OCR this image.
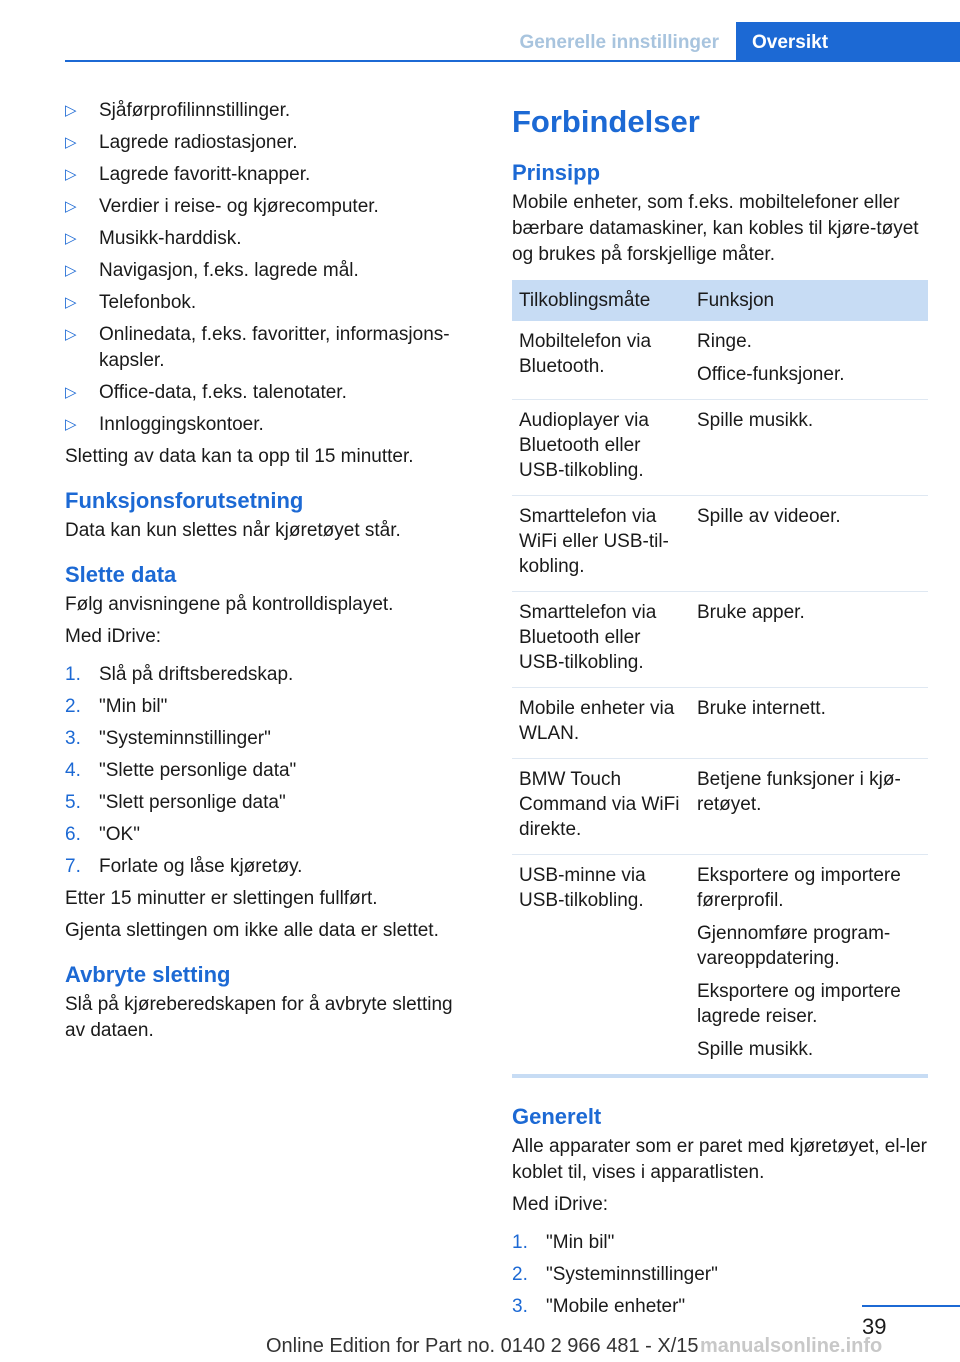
Generelle innstillinger	Oversikt
▷ Sjåførprofilinnstillinger.
▷ Lagrede radiostasjoner.
▷ Lagrede favoritt-knapper.
▷ Verdier i reise- og kjørecomputer.
▷ Musikk-harddisk.
▷ Navigasjon, f.eks. lagrede mål.
▷ Telefonbok.
▷ Onlinedata, f.eks. favoritter, informasjons-kapsler.
▷ Office-data, f.eks. talenotater.
▷ Innloggingskontoer.

Sletting av data kan ta opp til 15 minutter.

Funksjonsforutsetning

Data kan kun slettes når kjøretøyet står.

Slette data

Følg anvisningene på kontrolldisplayet.

Med iDrive:

1. Slå på driftsberedskap.
2. "Min bil"
3. "Systeminnstillinger"
4. "Slette personlige data"
5. "Slett personlige data"
6. "OK"
7. Forlate og låse kjøretøy.

Etter 15 minutter er slettingen fullført.

Gjenta slettingen om ikke alle data er slettet.

Avbryte sletting

Slå på kjøreberedskapen for å avbryte sletting av dataen.

Forbindelser
Prinsipp

Mobile enheter, som f.eks. mobiltelefoner eller bærbare datamaskiner, kan kobles til kjøre-tøyet og brukes på forskjellige måter.

Tilkoblingsmåte	Funksjon
Mobiltelefon via Bluetooth.	Ringe.
Office-funksjoner.

Audioplayer via Bluetooth eller USB-tilkobling.	Spille musikk.

Smarttelefon via WiFi eller USB-til-kobling.	Spille av videoer.

Smarttelefon via Bluetooth eller USB-tilkobling.	Bruke apper.

Mobile enheter via WLAN.	Bruke internett.

BMW Touch Command via WiFi direkte.	Betjene funksjoner i kjø-retøyet.

USB-minne via USB-tilkobling.	Eksportere og importere førerprofil.
Gjennomføre program-vareoppdatering.
Eksportere og importere lagrede reiser.
Spille musikk.
Generelt

Alle apparater som er paret med kjøretøyet, el-ler koblet til, vises i apparatlisten.

Med iDrive:

1. "Min bil"
2. "Systeminnstillinger"
3. "Mobile enheter"
39
Online Edition for Part no. 0140 2 966 481 - X/15 manualsonline.info
